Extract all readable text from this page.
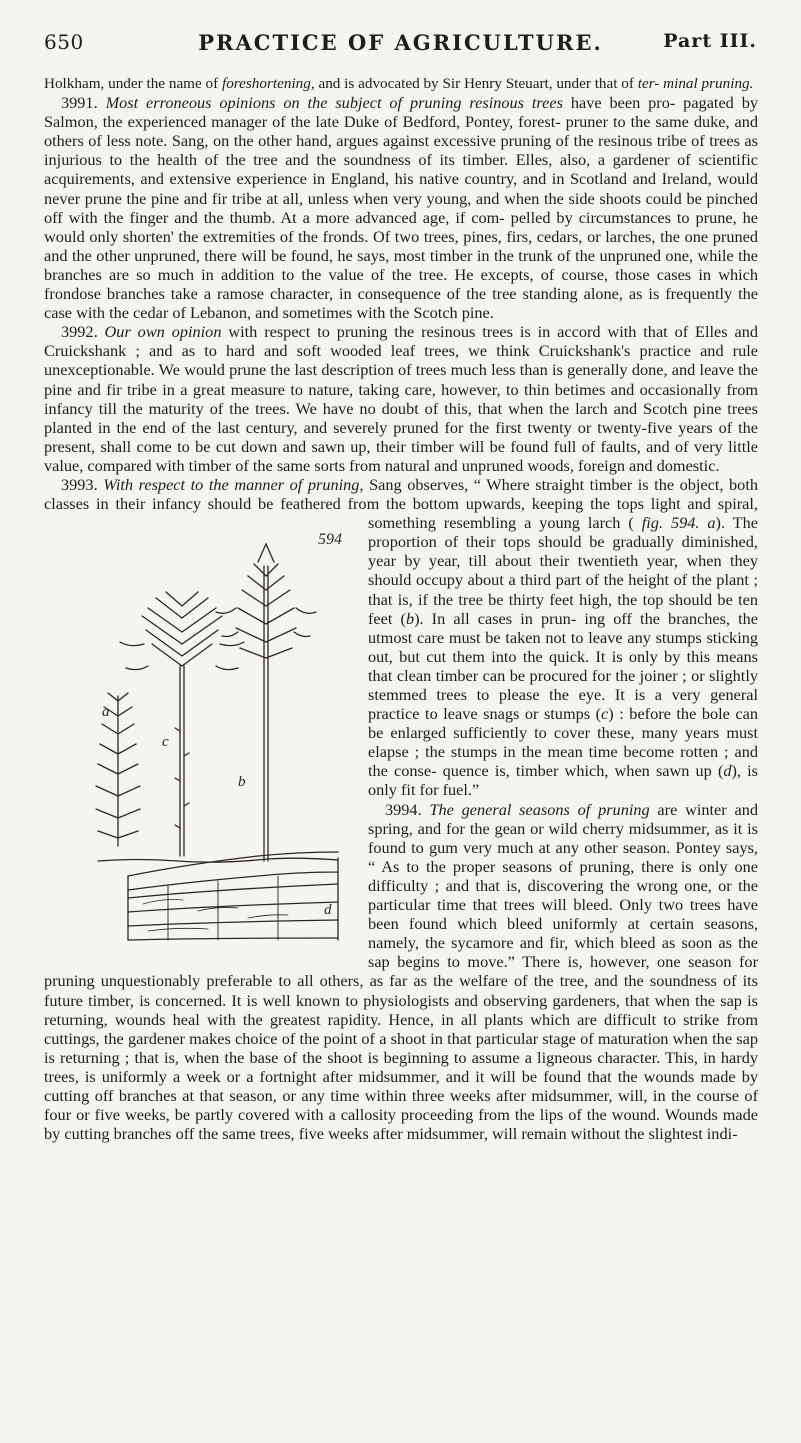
650	PRACTICE OF AGRICULTURE.	Part III.

Holkham, under the name of foreshortening, and is advocated by Sir Henry Steuart, under that of ter- minal pruning.

3991. Most erroneous opinions on the subject of pruning resinous trees have been pro- pagated by Salmon, the experienced manager of the late Duke of Bedford, Pontey, forest- pruner to the same duke, and others of less note. Sang, on the other hand, argues against excessive pruning of the resinous tribe of trees as injurious to the health of the tree and the soundness of its timber. Elles, also, a gardener of scientific acquirements, and extensive experience in England, his native country, and in Scotland and Ireland, would never prune the pine and fir tribe at all, unless when very young, and when the side shoots could be pinched off with the finger and the thumb. At a more advanced age, if com- pelled by circumstances to prune, he would only shorten' the extremities of the fronds. Of two trees, pines, firs, cedars, or larches, the one pruned and the other unpruned, there will be found, he says, most timber in the trunk of the unpruned one, while the branches are so much in addition to the value of the tree. He excepts, of course, those cases in which frondose branches take a ramose character, in consequence of the tree standing alone, as is frequently the case with the cedar of Lebanon, and sometimes with the Scotch pine.

3992. Our own opinion with respect to pruning the resinous trees is in accord with that of Elles and Cruickshank ; and as to hard and soft wooded leaf trees, we think Cruickshank's practice and rule unexceptionable. We would prune the last description of trees much less than is generally done, and leave the pine and fir tribe in a great measure to nature, taking care, however, to thin betimes and occasionally from infancy till the maturity of the trees. We have no doubt of this, that when the larch and Scotch pine trees planted in the end of the last century, and severely pruned for the first twenty or twenty-five years of the present, shall come to be cut down and sawn up, their timber will be found full of faults, and of very little value, compared with timber of the same sorts from natural and unpruned woods, foreign and domestic.

3993. With respect to the manner of pruning, Sang observes, “ Where straight timber is the object, both classes in their infancy should be feathered from the bottom upwards, keeping the tops light and spiral, something resembling a young larch (
594
a
b
c
d
fig. 594. a). The proportion of their tops should be gradually diminished, year by year, till about their twentieth year, when they should occupy about a third part of the height of the plant ; that is, if the tree be thirty feet high, the top should be ten feet (b). In all cases in prun- ing off the branches, the utmost care must be taken not to leave any stumps sticking out, but cut them into the quick. It is only by this means that clean timber can be procured for the joiner ; or slightly stemmed trees to please the eye. It is a very general practice to leave snags or stumps (c) : before the bole can be enlarged sufficiently to cover these, many years must elapse ; the stumps in the mean time become rotten ; and the conse- quence is, timber which, when sawn up (d), is only fit for fuel.”

3994. The general seasons of pruning are winter and spring, and for the gean or wild cherry midsummer, as it is found to gum very much at any other season. Pontey says, “ As to the proper seasons of pruning, there is only one difficulty ; and that is, discovering the wrong one, or the particular time that trees will bleed. Only two trees have been found which bleed uniformly at certain seasons, namely, the sycamore and fir, which bleed as soon as the sap begins to move.” There is, however, one season for pruning unquestionably preferable to all others, as far as the welfare of the tree, and the soundness of its future timber, is concerned. It is well known to physiologists and observing gardeners, that when the sap is returning, wounds heal with the greatest rapidity. Hence, in all plants which are difficult to strike from cuttings, the gardener makes choice of the point of a shoot in that particular stage of maturation when the sap is returning ; that is, when the base of the shoot is beginning to assume a ligneous character. This, in hardy trees, is uniformly a week or a fortnight after midsummer, and it will be found that the wounds made by cutting off branches at that season, or any time within three weeks after midsummer, will, in the course of four or five weeks, be partly covered with a callosity proceeding from the lips of the wound. Wounds made by cutting branches off the same trees, five weeks after midsummer, will remain without the slightest indi-
